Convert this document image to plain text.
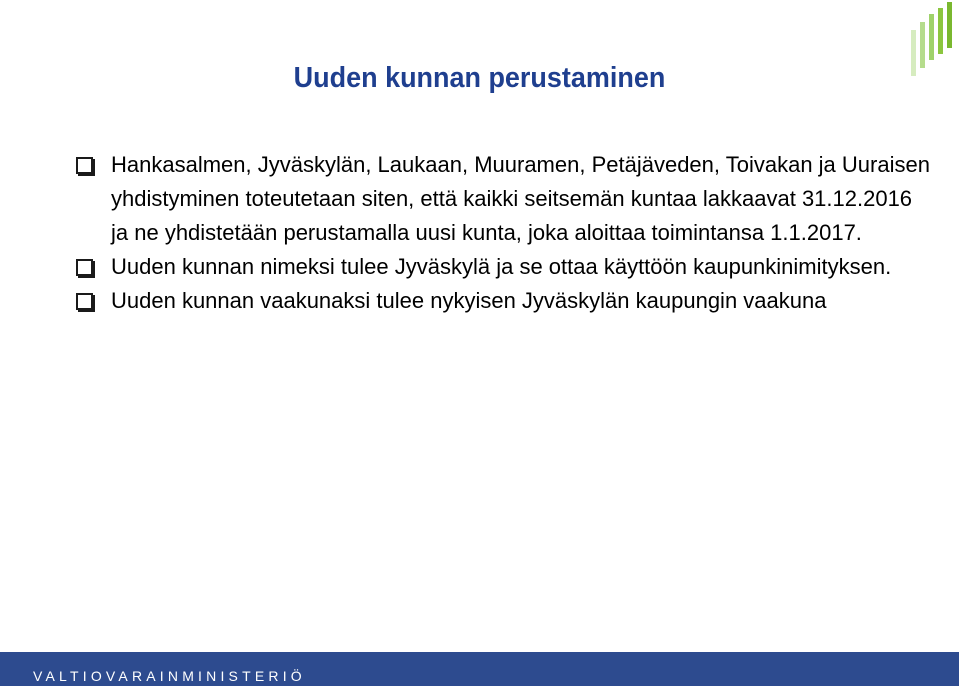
Uuden kunnan perustaminen
Hankasalmen, Jyväskylän, Laukaan, Muuramen, Petäjäveden, Toivakan ja Uuraisen yhdistyminen toteutetaan siten, että kaikki seitsemän kuntaa lakkaavat 31.12.2016 ja ne yhdistetään perustamalla uusi kunta, joka aloittaa toimintansa 1.1.2017.
Uuden kunnan nimeksi tulee Jyväskylä ja se ottaa käyttöön kaupunkinimityksen.
Uuden kunnan vaakunaksi tulee nykyisen Jyväskylän kaupungin vaakuna
VALTIOVARAINMINISTERIÖ
